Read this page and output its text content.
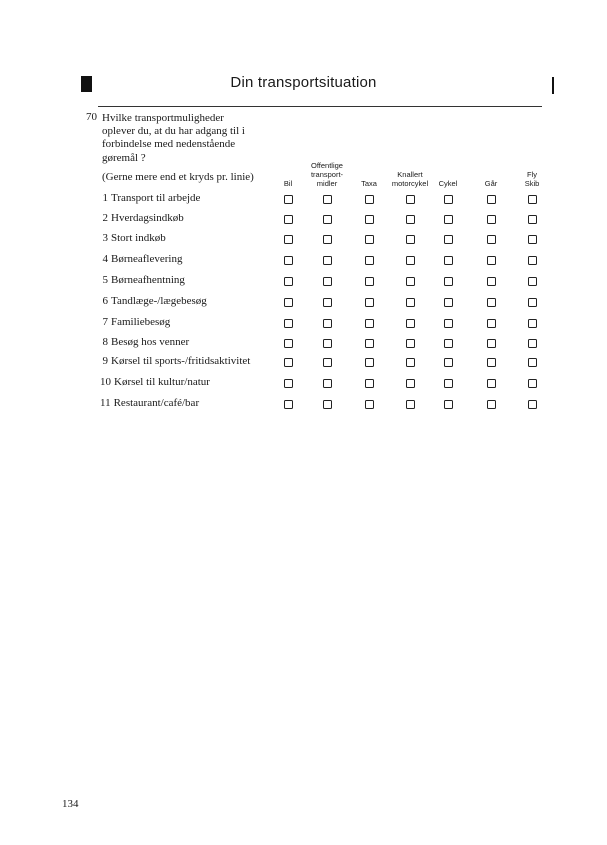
Din transportsituation
70 Hvilke transportmuligheder
oplever du, at du har adgang til i
forbindelse med nedenstående
gøremål ?
(Gerne mere end et kryds pr. linie)
Bil
Offentlige
transport-
midler	Taxa
Knallert
motorcykel Cykel	Går
Fly
Skib
1 Transport til arbejde
2 Hverdagsindkøb
3 Stort indkøb
4 Børneaflevering
5 Børneafhentning
6 Tandlæge-/lægebesøg
7 Familiebesøg
8 Besøg hos venner
9 Kørsel til sports-/fritidsaktivitet
10 Kørsel til kultur/natur
11 Restaurant/café/bar
134
